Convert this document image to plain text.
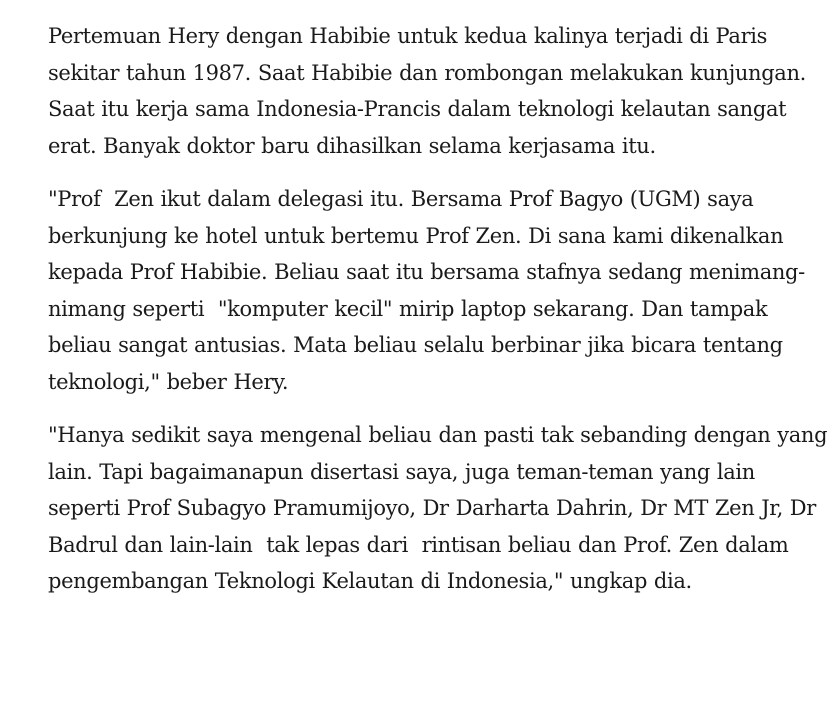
Pertemuan Hery dengan Habibie untuk kedua kalinya terjadi di Paris sekitar tahun 1987. Saat Habibie dan rombongan melakukan kunjungan. Saat itu kerja sama Indonesia-Prancis dalam teknologi kelautan sangat erat. Banyak doktor baru dihasilkan selama kerjasama itu.

"Prof  Zen ikut dalam delegasi itu. Bersama Prof Bagyo (UGM) saya berkunjung ke hotel untuk bertemu Prof Zen. Di sana kami dikenalkan  kepada Prof Habibie. Beliau saat itu bersama stafnya sedang menimang-nimang seperti  "komputer kecil" mirip laptop sekarang. Dan tampak beliau sangat antusias. Mata beliau selalu berbinar jika bicara tentang teknologi," beber Hery.

"Hanya sedikit saya mengenal beliau dan pasti tak sebanding dengan yang lain. Tapi bagaimanapun disertasi saya, juga teman-teman yang lain seperti Prof Subagyo Pramumijoyo, Dr Darharta Dahrin, Dr MT Zen Jr, Dr Badrul dan lain-lain  tak lepas dari  rintisan beliau dan Prof. Zen dalam pengembangan Teknologi Kelautan di Indonesia," ungkap dia.
